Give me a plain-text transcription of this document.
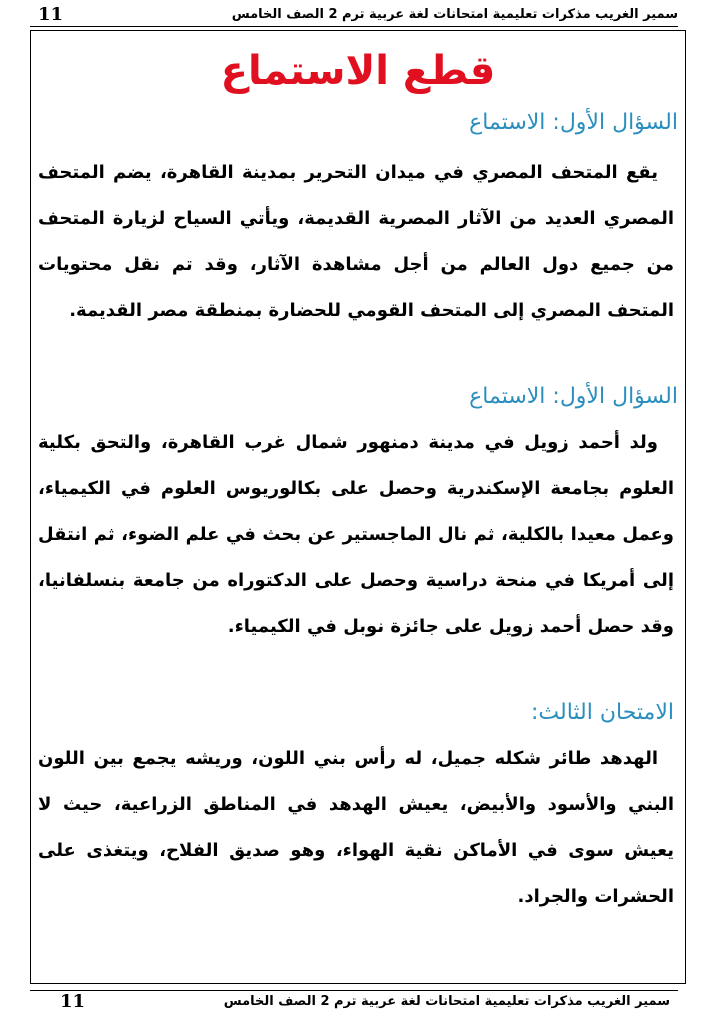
سمير الغريب مذكرات تعليمية امتحانات لغة عربية ترم 2 الصف الخامس
11
قطع الاستماع
السؤال الأول: الاستماع
يقع المتحف المصري في ميدان التحرير بمدينة القاهرة، يضم المتحف المصري العديد من الآثار المصرية القديمة، ويأتي السياح لزيارة المتحف من جميع دول العالم من أجل مشاهدة الآثار، وقد تم نقل محتويات المتحف المصري إلى المتحف القومي للحضارة بمنطقة مصر القديمة.
السؤال الأول: الاستماع
ولد أحمد زويل في مدينة دمنهور شمال غرب القاهرة، والتحق بكلية العلوم بجامعة الإسكندرية وحصل على بكالوريوس العلوم في الكيمياء، وعمل معيدا بالكلية، ثم نال الماجستير عن بحث في علم الضوء، ثم انتقل إلى أمريكا في منحة دراسية وحصل على الدكتوراه من جامعة بنسلفانيا، وقد حصل أحمد زويل على جائزة نوبل في الكيمياء.
الامتحان الثالث:
الهدهد طائر شكله جميل، له رأس بني اللون، وريشه يجمع بين اللون البني والأسود والأبيض، يعيش الهدهد في المناطق الزراعية، حيث لا يعيش سوى في الأماكن نقية الهواء، وهو صديق الفلاح، ويتغذى على الحشرات والجراد.
سمير الغريب مذكرات تعليمية امتحانات لغة عربية ترم 2 الصف الخامس
11
